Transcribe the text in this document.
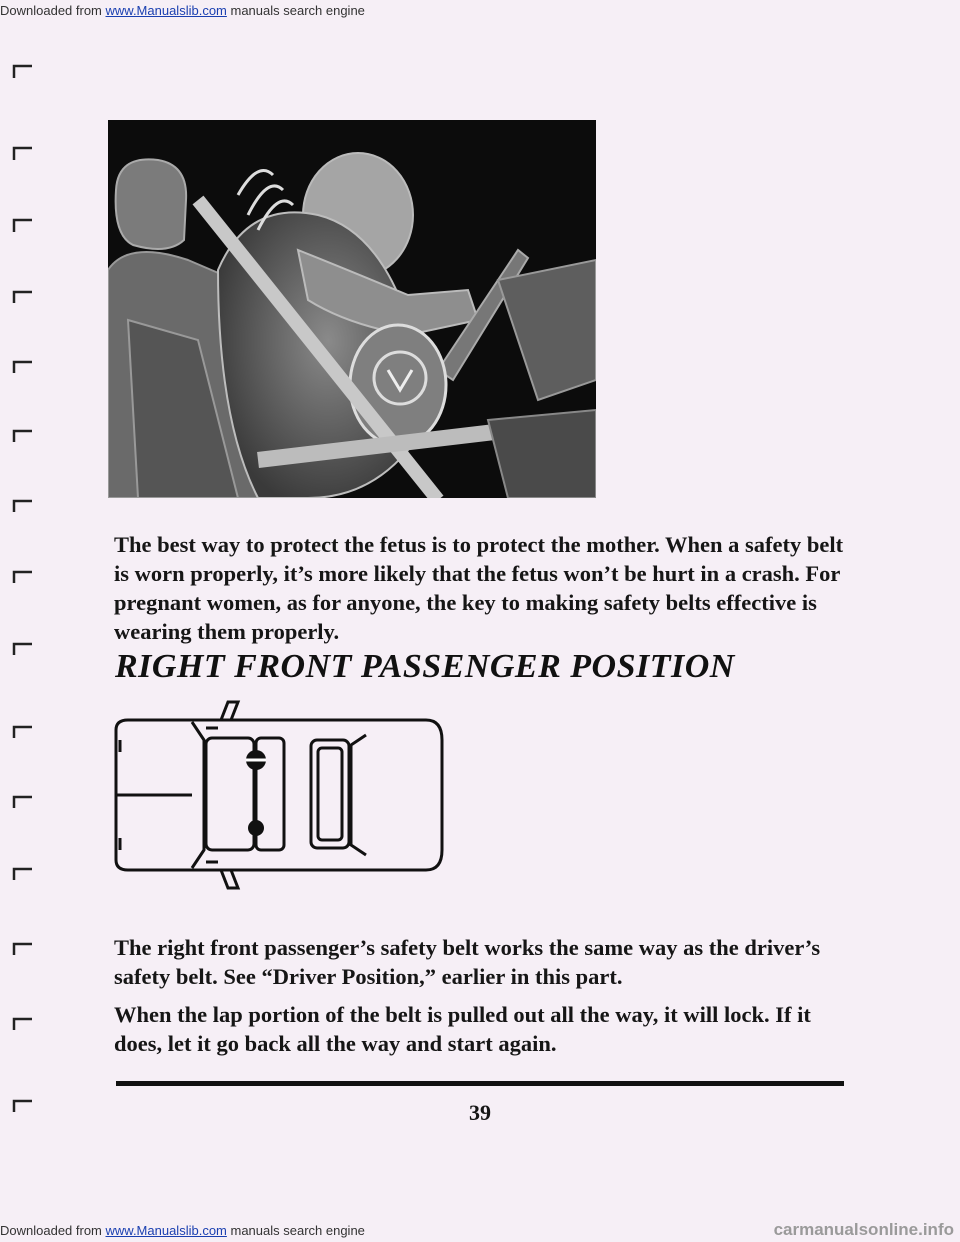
Downloaded from www.Manualslib.com manuals search engine

The best way to protect the fetus is to protect the mother. When a safety belt is worn properly, it’s more likely that the fetus won’t be hurt in a crash. For pregnant women, as for anyone, the key to making safety belts effective is wearing them properly.

RIGHT FRONT PASSENGER POSITION

The right front passenger’s safety belt works the same way as the driver’s safety belt. See “Driver Position,” earlier in this part.

When the lap portion of the belt is pulled out all the way, it will lock. If it does, let it go back all the way and start again.

39
Downloaded from www.Manualslib.com manuals search engine	carmanualsonline.info
